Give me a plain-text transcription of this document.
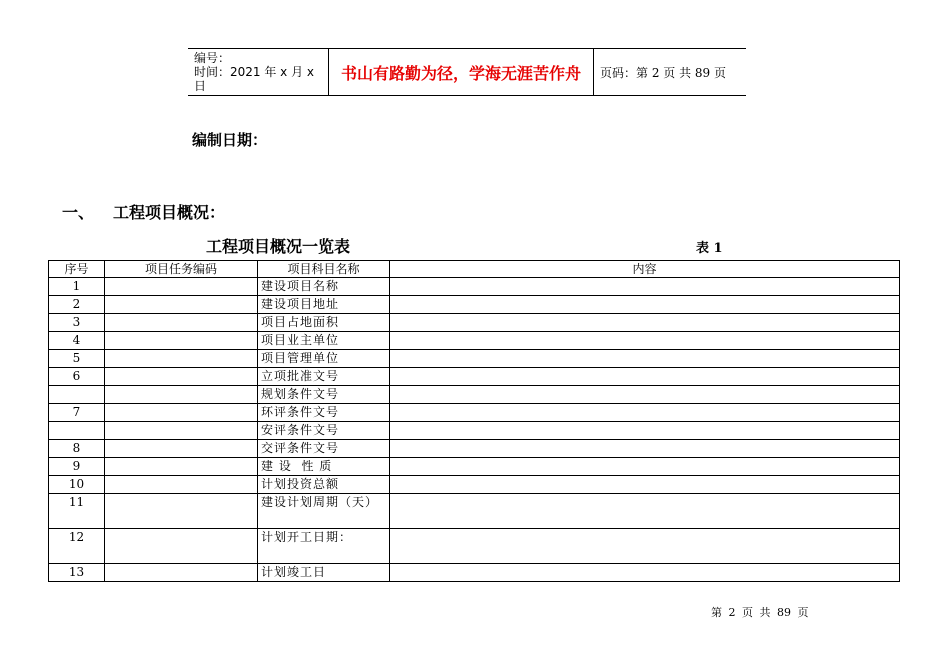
编号：
时间：2021 年 x 月 x 日
书山有路勤为径，学海无涯苦作舟	页码：第 2 页 共 89 页
编制日期：
一、 工程项目概况：
工程项目概况一览表	表 1
序号	项目任务编码	项目科目名称	内容
1		建设项目名称	
2		建设项目地址	
3		项目占地面积	
4		项目业主单位	
5		项目管理单位	
6		立项批准文号	
		规划条件文号	
7		环评条件文号	
		安评条件文号	
8		交评条件文号	
9		建 设  性 质	
10		计划投资总额	
11		建设计划周期（天）	
12		计划开工日期：	
13		计划竣工日	
第 2 页 共 89 页
